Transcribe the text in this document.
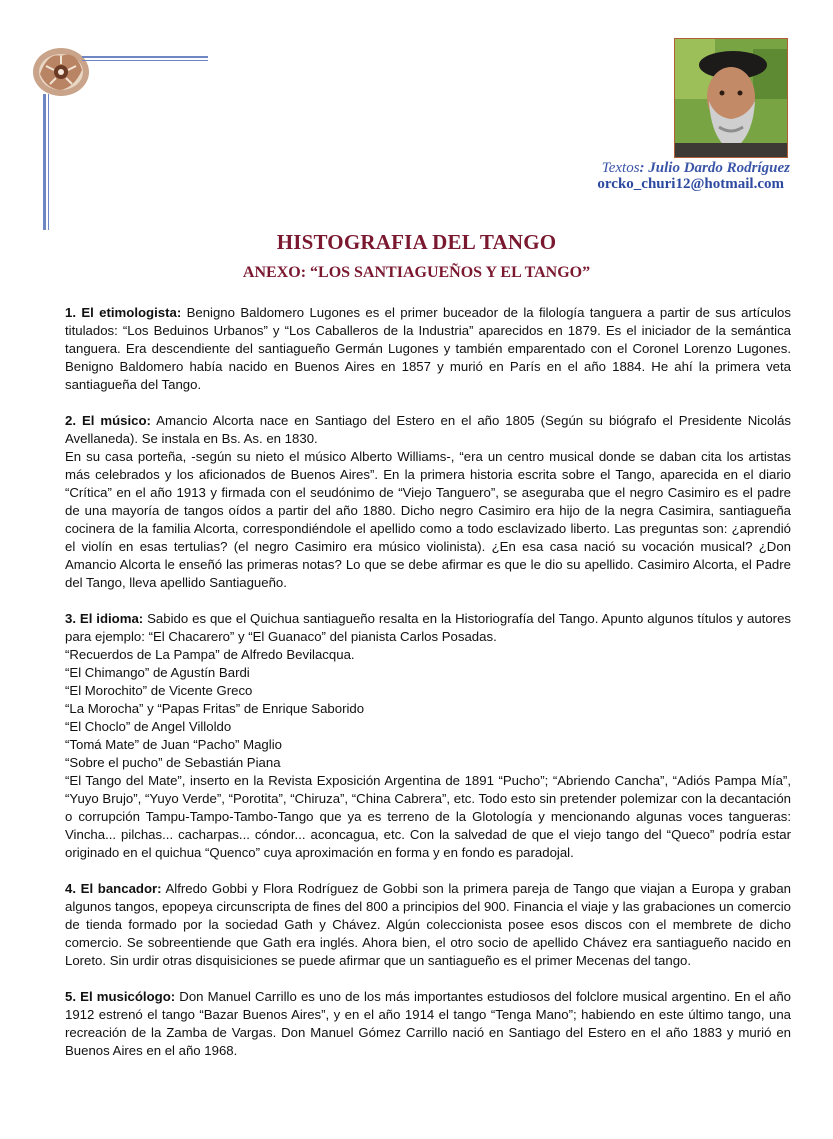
Textos: Julio Dardo Rodríguez
orcko_churi12@hotmail.com
HISTOGRAFIA DEL TANGO
ANEXO: “LOS SANTIAGUEÑOS Y EL TANGO”

1. El etimologista: Benigno Baldomero Lugones es el primer buceador de la filología tanguera a partir de sus artículos titulados: “Los Beduinos Urbanos” y “Los Caballeros de la Industria” aparecidos en 1879. Es el iniciador de la semántica tanguera. Era descendiente del santiagueño Germán Lugones y también emparentado con el Coronel Lorenzo Lugones. Benigno Baldomero había nacido en Buenos Aires en 1857 y murió en París en el año 1884. He ahí la primera veta santiagueña del Tango.

2. El músico: Amancio Alcorta nace en Santiago del Estero en el año 1805 (Según su biógrafo el Presidente Nicolás Avellaneda). Se instala en Bs. As. en 1830.

En su casa porteña, -según su nieto el músico Alberto Williams-, “era un centro musical donde se daban cita los artistas más celebrados y los aficionados de Buenos Aires”. En la primera historia escrita sobre el Tango, aparecida en el diario “Crítica” en el año 1913 y firmada con el seudónimo de “Viejo Tanguero”, se aseguraba que el negro Casimiro es el padre de una mayoría de tangos oídos a partir del año 1880. Dicho negro Casimiro era hijo de la negra Casimira, santiagueña cocinera de la familia Alcorta, correspondiéndole el apellido como a todo esclavizado liberto. Las preguntas son: ¿aprendió el violín en esas tertulias? (el negro Casimiro era músico violinista). ¿En esa casa nació su vocación musical? ¿Don Amancio Alcorta le enseñó las primeras notas? Lo que se debe afirmar es que le dio su apellido. Casimiro Alcorta, el Padre del Tango, lleva apellido Santiagueño.

3. El idioma: Sabido es que el Quichua santiagueño resalta en la Historiografía del Tango. Apunto algunos títulos y autores para ejemplo: “El Chacarero” y “El Guanaco” del pianista Carlos Posadas.

“Recuerdos de La Pampa” de Alfredo Bevilacqua.

“El Chimango” de Agustín Bardi

“El Morochito” de Vicente Greco

“La Morocha” y “Papas Fritas” de Enrique Saborido

“El Choclo” de Angel Villoldo

“Tomá Mate” de Juan “Pacho” Maglio

“Sobre el pucho” de Sebastián Piana

“El Tango del Mate”, inserto en la Revista Exposición Argentina de 1891 “Pucho”; “Abriendo Cancha”, “Adiós Pampa Mía”, “Yuyo Brujo”, “Yuyo Verde”, “Porotita”, “Chiruza”, “China Cabrera”, etc. Todo esto sin pretender polemizar con la decantación o corrupción Tampu-Tampo-Tambo-Tango que ya es terreno de la Glotología y mencionando algunas voces tangueras: Vincha... pilchas... cacharpas... cóndor... aconcagua, etc. Con la salvedad de que el viejo tango del “Queco” podría estar originado en el quichua “Quenco” cuya aproximación en forma y en fondo es paradojal.

4. El bancador: Alfredo Gobbi y Flora Rodríguez de Gobbi son la primera pareja de Tango que viajan a Europa y graban algunos tangos, epopeya circunscripta de fines del 800 a principios del 900. Financia el viaje y las grabaciones un comercio de tienda formado por la sociedad Gath y Chávez. Algún coleccionista posee esos discos con el membrete de dicho comercio. Se sobreentiende que Gath era inglés. Ahora bien, el otro socio de apellido Chávez era santiagueño nacido en Loreto. Sin urdir otras disquisiciones se puede afirmar que un santiagueño es el primer Mecenas del tango.

5. El musicólogo: Don Manuel Carrillo es uno de los más importantes estudiosos del folclore musical argentino. En el año 1912 estrenó el tango “Bazar Buenos Aires”, y en el año 1914 el tango “Tenga Mano”; habiendo en este último tango, una recreación de la Zamba de Vargas. Don Manuel Gómez Carrillo nació en Santiago del Estero en el año 1883 y murió en Buenos Aires en el año 1968.
